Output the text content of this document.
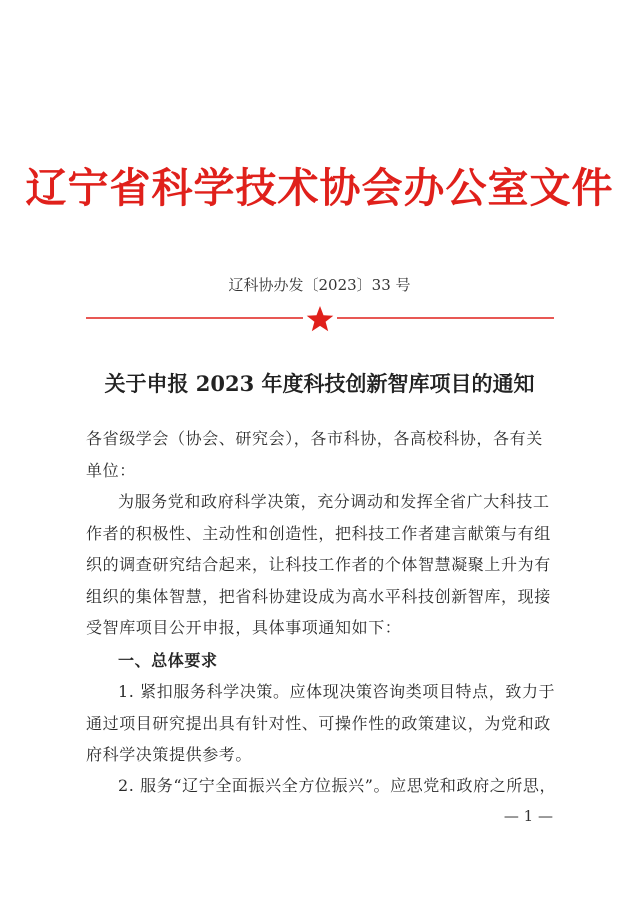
辽宁省科学技术协会办公室文件
辽科协办发〔2023〕33 号
关于申报 2023 年度科技创新智库项目的通知
各省级学会（协会、研究会），各市科协，各高校科协，各有关
单位：
为服务党和政府科学决策，充分调动和发挥全省广大科技工
作者的积极性、主动性和创造性，把科技工作者建言献策与有组
织的调查研究结合起来，让科技工作者的个体智慧凝聚上升为有
组织的集体智慧，把省科协建设成为高水平科技创新智库，现接
受智库项目公开申报，具体事项通知如下：
一、总体要求
1. 紧扣服务科学决策。应体现决策咨询类项目特点，致力于
通过项目研究提出具有针对性、可操作性的政策建议，为党和政
府科学决策提供参考。
2. 服务“辽宁全面振兴全方位振兴”。应思党和政府之所思，
— 1 —
